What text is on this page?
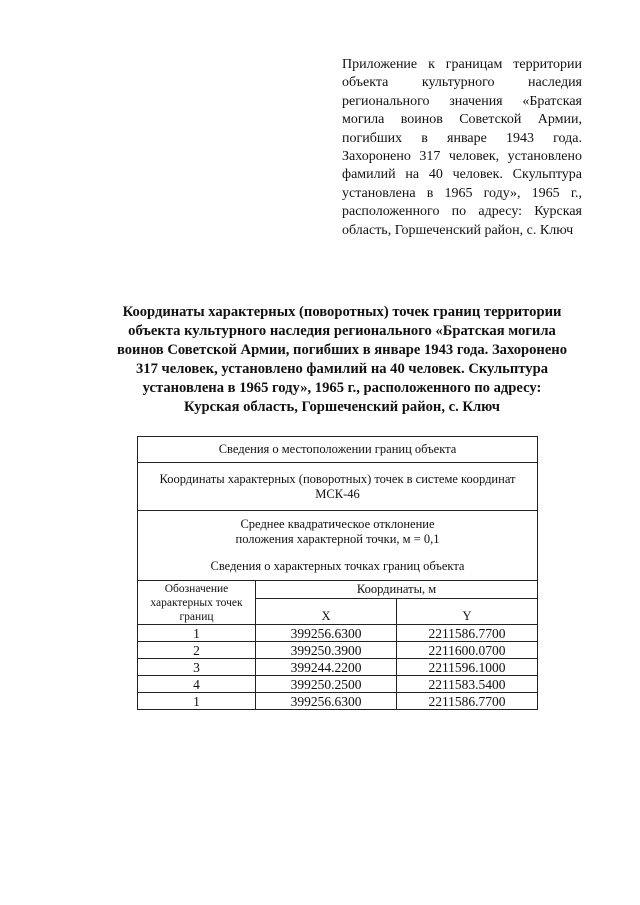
Приложение к границам территории объекта культурного наследия регионального значения «Братская могила воинов Советской Армии, погибших в январе 1943 года. Захоронено 317 человек, установлено фамилий на 40 человек. Скульптура установлена в 1965 году», 1965 г., расположенного по адресу: Курская область, Горшеченский район, с. Ключ
Координаты характерных (поворотных) точек границ территории
объекта культурного наследия регионального «Братская могила
воинов Советской Армии, погибших в январе 1943 года. Захоронено
317 человек, установлено фамилий на 40 человек. Скульптура
установлена в 1965 году», 1965 г., расположенного по адресу:
Курская область, Горшеченский район, с. Ключ
Сведения о местоположении границ объекта		
Координаты характерных (поворотных) точек в системе координат МСК-46		

Среднее квадратическое отклонение
положения характерной точки, м = 0,1
Сведения о характерных точках границ объекта		

Обозначение характерных точек границ	Координаты, м	
	X	Y
1	399256.6300	2211586.7700
2	399250.3900	2211600.0700
3	399244.2200	2211596.1000
4	399250.2500	2211583.5400
1	399256.6300	2211586.7700
